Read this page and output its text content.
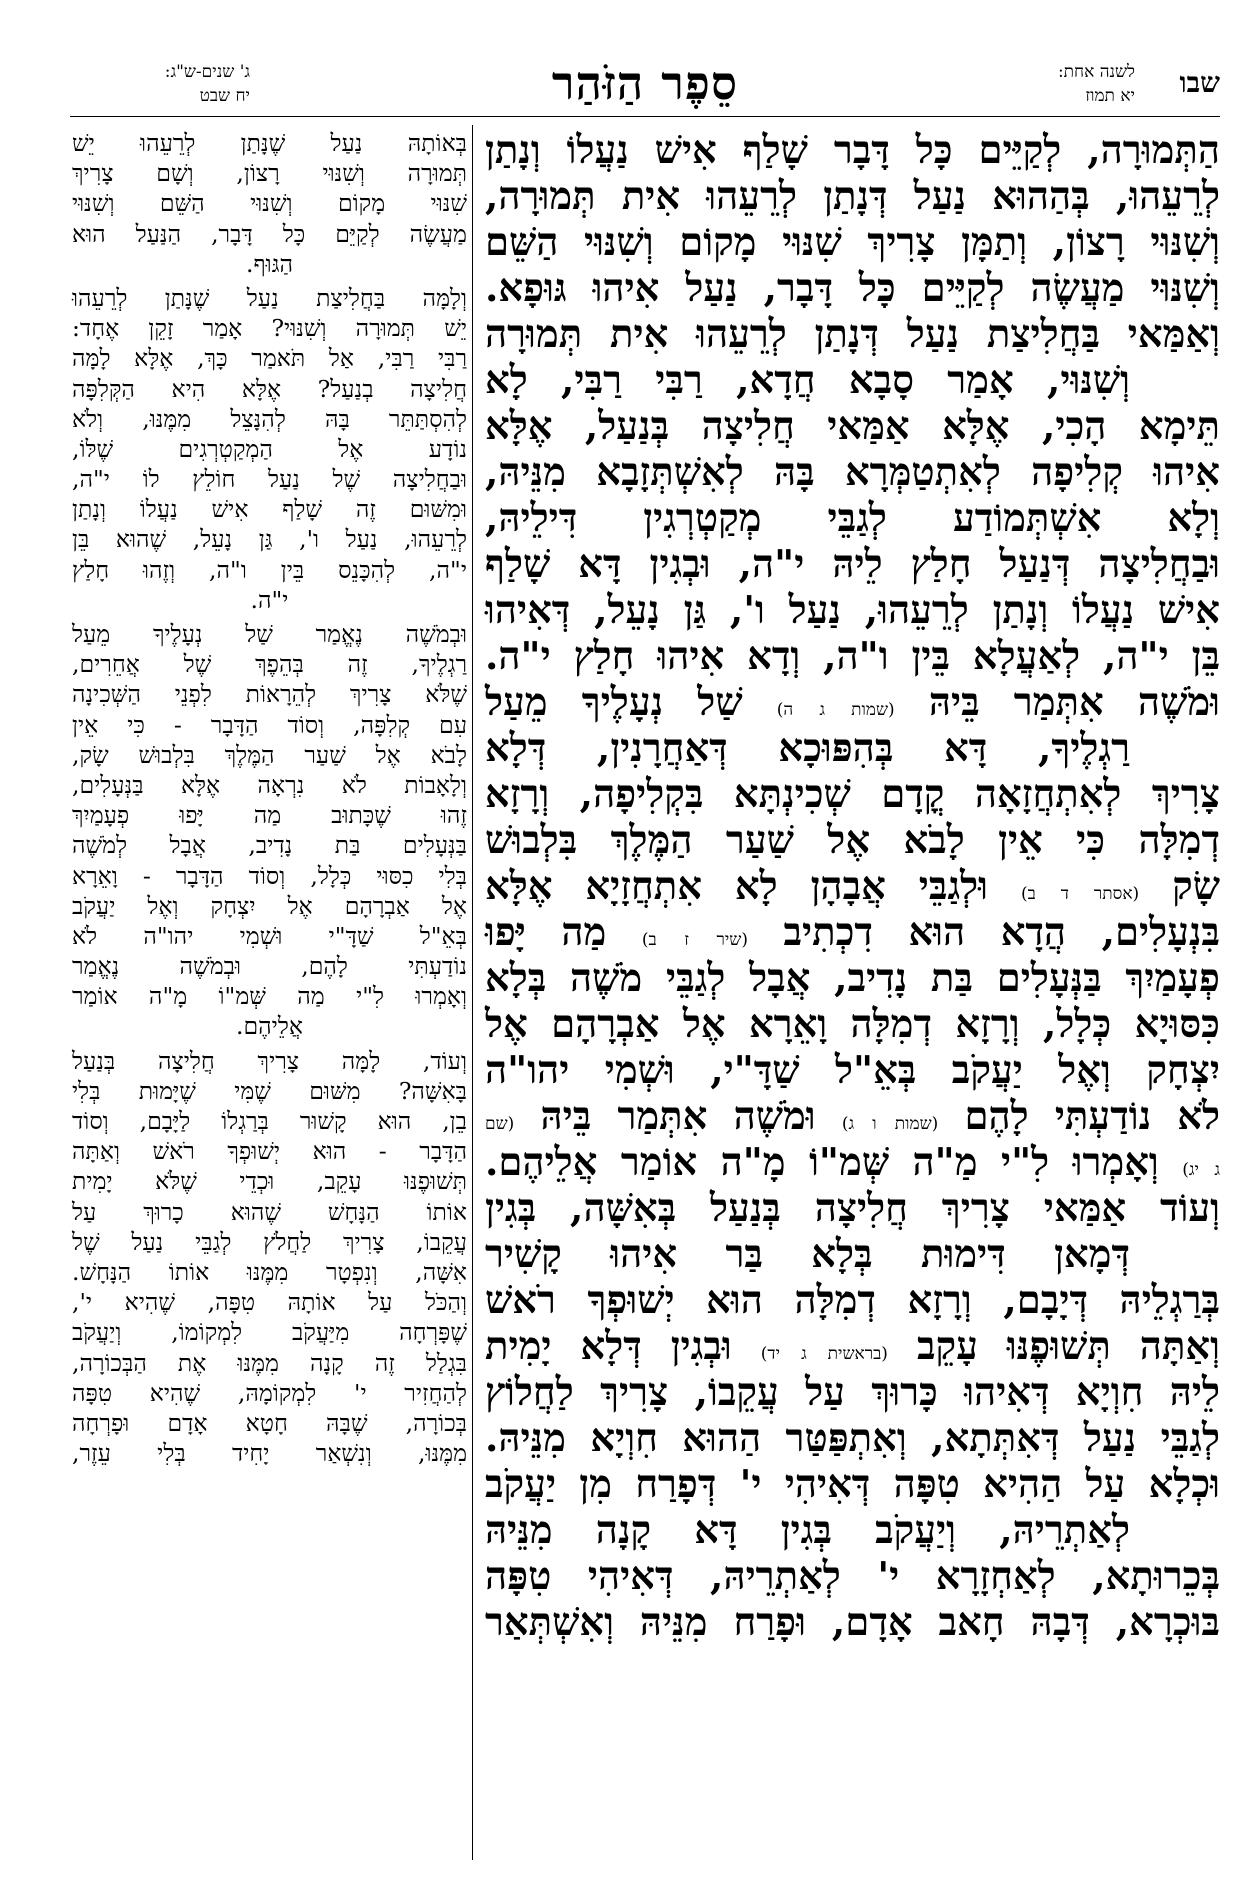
שבו
לשנה אחת:
יא תמוז
סֵפֶר הַזֹּהַר
ג' שנים-ש"ג:
יח שבט
הַתְּמוּרָה, לְקַיֵּים כָּל דָּבָר שָׁלַף אִישׁ נַעֲלוֹ וְנָתַן
לְרֵעֵהוּ, בְּהַהוּא נַעַל דְּנָתַן לְרֵעֵהוּ אִית תְּמוּרָה,
וְשִׁנּוּי רָצוֹן, וְתַמָּן צָרִיךְ שִׁנּוּי מָקוֹם וְשִׁנּוּי הַשֵּׁם
וְשִׁנּוּי מַעֲשֶׂה לְקַיֵּים כָּל דָּבָר, נַעַל אִיהוּ גּוּפָא.
וְאַמַּאי בַּחֲלִיצַת נַעַל דְּנָתַן לְרֵעֵהוּ אִית תְּמוּרָה
וְשִׁנּוּי, אָמַר סָבָא חֲדָא, רַבִּי רַבִּי, לָא
תֵּימָא הָכִי, אֶלָּא אַמַּאי חֲלִיצָה בְּנַעַל, אֶלָּא
אִיהוּ קְלִיפָה לְאִתְטַמְּרָא בָּהּ לְאִשְׁתְּזָבָא מִנֵּיהּ,
וְלָא אִשְׁתְּמוֹדַע לְגַבֵּי מְקַטְרְגִין דִּילֵיהּ,
וּבַחֲלִיצָה דְּנַעַל חָלַץ לֵיהּ י"ה, וּבְגִין דָּא שָׁלַף
אִישׁ נַעֲלוֹ וְנָתַן לְרֵעֵהוּ, נַעַל ו', גַּן נָעֵל, דְּאִיהוּ
בֵּן י"ה, לְאַעֲלָא בֵּין ו"ה, וְדָא אִיהוּ חָלַץ י"ה.
וּמֹשֶׁה אִתְּמַר בֵּיהּ (שמות ג ה) שַׁל נְעָלֶיךָ מֵעַל
רַגְלֶיךָ, דָּא בְּהִפּוּכָא דְּאַחֲרָנִין, דְּלָא
צָרִיךְ לְאִתְחֲזָאָה קֳדָם שְׁכִינְתָּא בִּקְלִיפָה, וְרָזָא
דְמִלָּה כִּי אֵין לָבֹא אֶל שַׁעַר הַמֶּלֶךְ בִּלְבוּשׁ
שָׂק (אסתר ד ב) וּלְגַבֵּי אֲבָהָן לָא אִתְחֲזָיָא אֶלָּא
בִּנְעָלִים, הֲדָא הוּא דִכְתִיב (שיר ז ב) מַה יָּפוּ
פְעָמַיִךְ בַּנְּעָלִים בַּת נָדִיב, אֲבָל לְגַבֵּי מֹשֶׁה בְּלָא
כִּסּוּיָא כְּלָל, וְרָזָא דְמִלָּה וָאֵרָא אֶל אַבְרָהָם אֶל
יִצְחָק וְאֶל יַעֲקֹב בְּאֵ"ל שַׁדָּ"י, וּשְׁמִי יהו"ה
לֹא נוֹדַעְתִּי לָהֶם (שמות ו ג) וּמֹשֶׁה אִתְּמַר בֵּיהּ (שם
ג יג) וְאָמְרוּ לִ"י מַ"ה שְּׁמ"וֹ מָ"ה אוֹמַר אֲלֵיהֶם.
וְעוֹד אַמַּאי צָרִיךְ חֲלִיצָה בְּנַעַל בְּאִשָּׁה, בְּגִין
דְּמָאן דִּימוּת בְּלָא בַּר אִיהוּ קָשִׁיר
בְּרַגְלֵיהּ דְּיָבָם, וְרָזָא דְמִלָּה הוּא יְשׁוּפְךָ רֹאשׁ
וְאַתָּה תְּשׁוּפֶנּוּ עָקֵב (בראשית ג יד) וּבְגִין דְּלָא יָמִית
לֵיהּ חִוְיָא דְּאִיהוּ כָּרוּךְ עַל עֲקֵבוֹ, צָרִיךְ לַחֲלוֹץ
לְגַבֵּי נַעַל דְּאִתְּתָא, וְאִתְפַּטַּר הַהוּא חִוְיָא מִנֵּיהּ.
וּכְלָא עַל הַהִיא טִפָּה דְּאִיהִי י' דְּפָרַח מִן יַעֲקֹב
לְאַתְרֵיהּ, וְיַעֲקֹב בְּגִין דָּא קָנָה מִנֵּיהּ
בְּכֵרוּתָא, לְאַחְזָרָא י' לְאַתְרֵיהּ, דְּאִיהִי טִפָּה
בּוּכְרָא, דְּבָהּ חָאב אָדָם, וּפָרַח מִנֵּיהּ וְאִשְׁתְּאַר
בְּאוֹתָהּ נַעַל שֶׁנָּתַן לְרֵעֵהוּ יֵשׁ
תְּמוּרָה וְשִׁנּוּי רָצוֹן, וְשָׁם צָרִיךְ
שִׁנּוּי מָקוֹם וְשִׁנּוּי הַשֵּׁם וְשִׁנּוּי
מַעֲשֶׂה לְקַיֵּם כָּל דָּבָר, הַנַּעַל הוּא
הַגּוּף.
וְלָמָּה בַּחֲלִיצַת נַעַל שֶׁנָּתַן לְרֵעֵהוּ
יֵשׁ תְּמוּרָה וְשִׁנּוּי? אָמַר זָקֵן אֶחָד:
רַבִּי רַבִּי, אַל תֹּאמַר כָּךְ, אֶלָּא לָמָּה
חֲלִיצָה בְנַעַל? אֶלָּא הִיא הַקְּלִפָּה
לְהִסְתַּתֵּר בָּהּ לְהִנָּצֵל מִמֶּנּוּ, וְלֹא
נוֹדָע אֶל הַמְקַטְרְגִים שֶׁלּוֹ,
וּבַחֲלִיצָה שֶׁל נַעַל חוֹלֵץ לוֹ י"ה,
וּמִשּׁוּם זֶה שָׁלַף אִישׁ נַעֲלוֹ וְנָתַן
לְרֵעֵהוּ, נַעַל ו', גַּן נָעֵל, שֶׁהוּא בֵּן
י"ה, לְהִכָּנֵס בֵּין ו"ה, וְזֶהוּ חָלַץ
י"ה.
וּבְמֹשֶׁה נֶאֱמַר שַׁל נְעָלֶיךָ מֵעַל
רַגְלֶיךָ, זֶה בְּהֵפֶךְ שֶׁל אֲחֵרִים,
שֶׁלֹּא צָרִיךְ לְהֵרָאוֹת לִפְנֵי הַשְּׁכִינָה
עִם קְלִפָּה, וְסוֹד הַדָּבָר - כִּי אֵין
לָבֹא אֶל שַׁעַר הַמֶּלֶךְ בִּלְבוּשׁ שָׂק,
וְלָאָבוֹת לֹא נִרְאָה אֶלָּא בַּנְּעָלִים,
זֶהוּ שֶׁכָּתוּב מַה יָּפוּ פְעָמַיִךְ
בַּנְּעָלִים בַּת נָדִיב, אֲבָל לְמֹשֶׁה
בְּלִי כִסּוּי כְּלָל, וְסוֹד הַדָּבָר - וָאֵרָא
אֶל אַבְרָהָם אֶל יִצְחָק וְאֶל יַעֲקֹב
בְּאֵ"ל שַׁדָּ"י וּשְׁמִי יהו"ה לֹא
נוֹדַעְתִּי לָהֶם, וּבְמֹשֶׁה נֶאֱמַר
וְאָמְרוּ לִ"י מַה שְּׁמ"וֹ מָ"ה אוֹמַר
אֲלֵיהֶם.
וְעוֹד, לָמָּה צָרִיךְ חֲלִיצָה בְּנַעַל
בָּאִשָּׁה? מִשּׁוּם שֶׁמִּי שֶׁיָּמוּת בְּלִי
בֵן, הוּא קָשׁוּר בְּרַגְלוֹ לַיָּבָם, וְסוֹד
הַדָּבָר - הוּא יְשׁוּפְךָ רֹאשׁ וְאַתָּה
תְּשׁוּפֶנּוּ עָקֵב, וּכְדֵי שֶׁלֹּא יָמִית
אוֹתוֹ הַנָּחָשׁ שֶׁהוּא כָרוּךְ עַל
עֲקֵבוֹ, צָרִיךְ לַחֲלֹץ לְגַבֵּי נַעַל שֶׁל
אִשָּׁה, וְנִפְטָר מִמֶּנּוּ אוֹתוֹ הַנָּחָשׁ.
וְהַכֹּל עַל אוֹתָהּ טִפָּה, שֶׁהִיא י',
שֶׁפָּרְחָה מִיַּעֲקֹב לִמְקוֹמוֹ, וְיַעֲקֹב
בִּגְלַל זֶה קָנָה מִמֶּנּוּ אֶת הַבְּכוֹרָה,
לְהַחֲזִיר י' לִמְקוֹמָהּ, שֶׁהִיא טִפָּה
בְּכוֹרָה, שֶׁבָּהּ חָטָא אָדָם וּפָרְחָה
מִמֶּנּוּ, וְנִשְׁאַר יָחִיד בְּלִי עֵזֶר,
